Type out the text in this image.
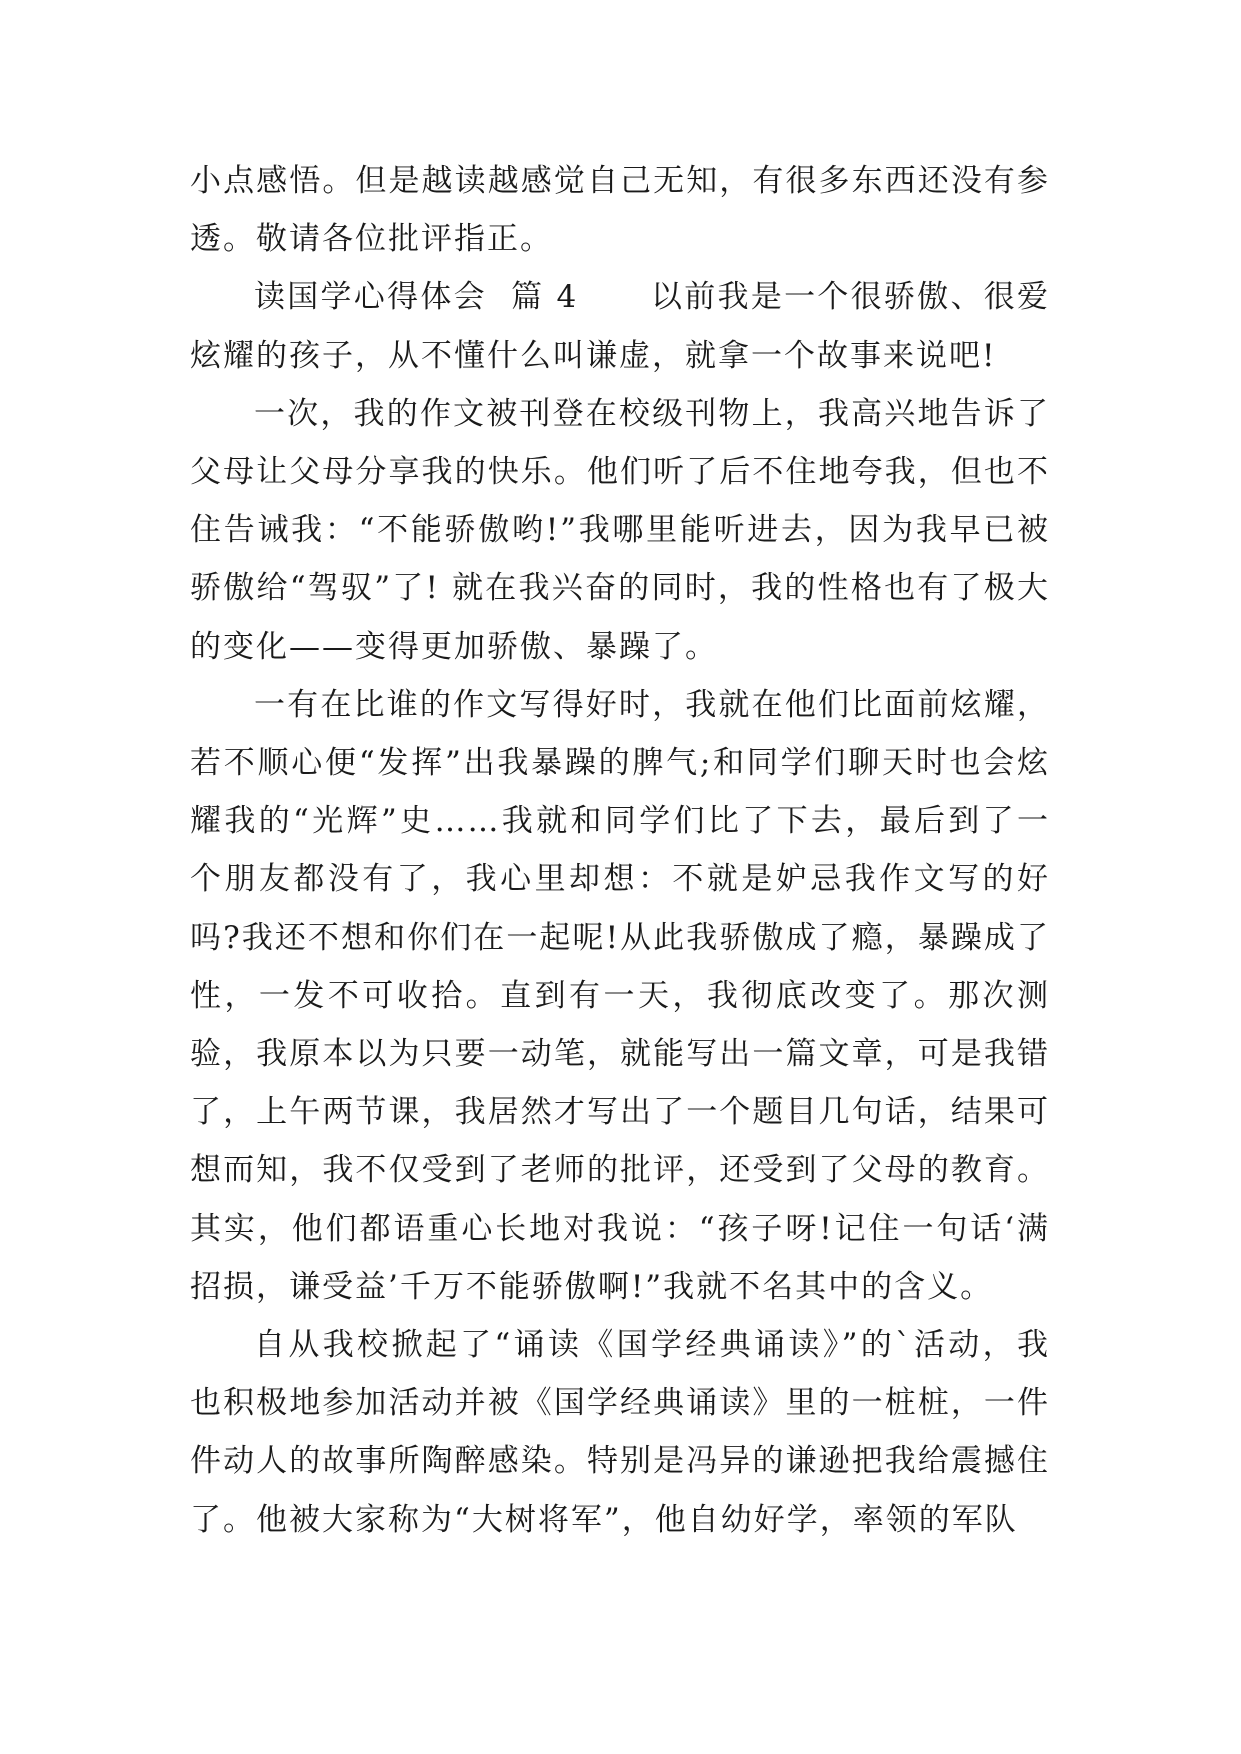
小点感悟。但是越读越感觉自己无知，有很多东西还没有参透。敬请各位批评指正。

读国学心得体会  篇 4      以前我是一个很骄傲、很爱炫耀的孩子，从不懂什么叫谦虚，就拿一个故事来说吧!

一次，我的作文被刊登在校级刊物上，我高兴地告诉了父母让父母分享我的快乐。他们听了后不住地夸我，但也不住告诫我：“不能骄傲哟!”我哪里能听进去，因为我早已被骄傲给“驾驭”了! 就在我兴奋的同时，我的性格也有了极大的变化——变得更加骄傲、暴躁了。

一有在比谁的作文写得好时，我就在他们比面前炫耀，若不顺心便“发挥”出我暴躁的脾气;和同学们聊天时也会炫耀我的“光辉”史……我就和同学们比了下去，最后到了一个朋友都没有了，我心里却想：不就是妒忌我作文写的好吗?我还不想和你们在一起呢!从此我骄傲成了瘾，暴躁成了性，一发不可收拾。直到有一天，我彻底改变了。那次测验，我原本以为只要一动笔，就能写出一篇文章，可是我错了，上午两节课，我居然才写出了一个题目几句话，结果可想而知，我不仅受到了老师的批评，还受到了父母的教育。其实，他们都语重心长地对我说：“孩子呀!记住一句话‘满招损，谦受益’千万不能骄傲啊!”我就不名其中的含义。

自从我校掀起了“诵读《国学经典诵读》”的`活动，我也积极地参加活动并被《国学经典诵读》里的一桩桩，一件件动人的故事所陶醉感染。特别是冯异的谦逊把我给震撼住了。他被大家称为“大树将军”，他自幼好学，率领的军队
